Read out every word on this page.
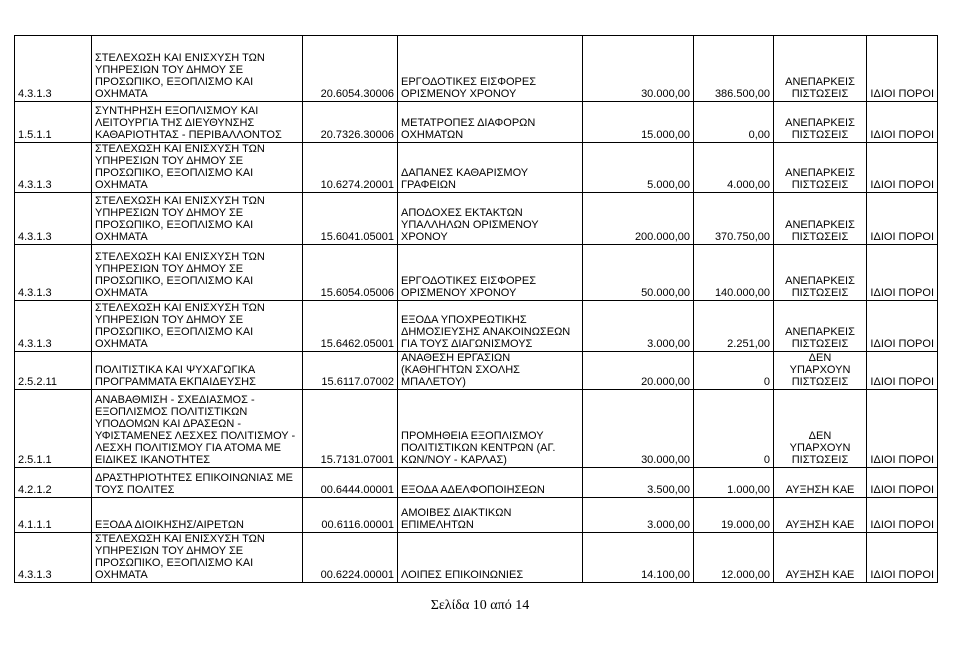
4.3.1.3	ΣΤΕΛΕΧΩΣΗ ΚΑΙ ΕΝΙΣΧΥΣΗ ΤΩΝ ΥΠΗΡΕΣΙΩΝ ΤΟΥ ΔΗΜΟΥ ΣΕ ΠΡΟΣΩΠΙΚΟ, ΕΞΟΠΛΙΣΜΟ ΚΑΙ ΟΧΗΜΑΤΑ	20.6054.30006	ΕΡΓΟΔΟΤΙΚΕΣ ΕΙΣΦΟΡΕΣ ΟΡΙΣΜΕΝΟΥ ΧΡΟΝΟΥ	30.000,00	386.500,00	ΑΝΕΠΑΡΚΕΙΣ ΠΙΣΤΩΣΕΙΣ	ΙΔΙΟΙ ΠΟΡΟΙ
1.5.1.1	ΣΥΝΤΗΡΗΣΗ ΕΞΟΠΛΙΣΜΟΥ ΚΑΙ ΛΕΙΤΟΥΡΓΙΑ ΤΗΣ ΔΙΕΥΘΥΝΣΗΣ ΚΑΘΑΡΙΟΤΗΤΑΣ - ΠΕΡΙΒΑΛΛΟΝΤΟΣ	20.7326.30006	ΜΕΤΑΤΡΟΠΕΣ ΔΙΑΦΟΡΩΝ ΟΧΗΜΑΤΩΝ	15.000,00	0,00	ΑΝΕΠΑΡΚΕΙΣ ΠΙΣΤΩΣΕΙΣ	ΙΔΙΟΙ ΠΟΡΟΙ
4.3.1.3	ΣΤΕΛΕΧΩΣΗ ΚΑΙ ΕΝΙΣΧΥΣΗ ΤΩΝ ΥΠΗΡΕΣΙΩΝ ΤΟΥ ΔΗΜΟΥ ΣΕ ΠΡΟΣΩΠΙΚΟ, ΕΞΟΠΛΙΣΜΟ ΚΑΙ ΟΧΗΜΑΤΑ	10.6274.20001	ΔΑΠΑΝΕΣ ΚΑΘΑΡΙΣΜΟΥ ΓΡΑΦΕΙΩΝ	5.000,00	4.000,00	ΑΝΕΠΑΡΚΕΙΣ ΠΙΣΤΩΣΕΙΣ	ΙΔΙΟΙ ΠΟΡΟΙ
4.3.1.3	ΣΤΕΛΕΧΩΣΗ ΚΑΙ ΕΝΙΣΧΥΣΗ ΤΩΝ ΥΠΗΡΕΣΙΩΝ ΤΟΥ ΔΗΜΟΥ ΣΕ ΠΡΟΣΩΠΙΚΟ, ΕΞΟΠΛΙΣΜΟ ΚΑΙ ΟΧΗΜΑΤΑ	15.6041.05001	ΑΠΟΔΟΧΕΣ ΕΚΤΑΚΤΩΝ ΥΠΑΛΛΗΛΩΝ ΟΡΙΣΜΕΝΟΥ ΧΡΟΝΟΥ	200.000,00	370.750,00	ΑΝΕΠΑΡΚΕΙΣ ΠΙΣΤΩΣΕΙΣ	ΙΔΙΟΙ ΠΟΡΟΙ
4.3.1.3	ΣΤΕΛΕΧΩΣΗ ΚΑΙ ΕΝΙΣΧΥΣΗ ΤΩΝ ΥΠΗΡΕΣΙΩΝ ΤΟΥ ΔΗΜΟΥ ΣΕ ΠΡΟΣΩΠΙΚΟ, ΕΞΟΠΛΙΣΜΟ ΚΑΙ ΟΧΗΜΑΤΑ	15.6054.05006	ΕΡΓΟΔΟΤΙΚΕΣ ΕΙΣΦΟΡΕΣ ΟΡΙΣΜΕΝΟΥ ΧΡΟΝΟΥ	50.000,00	140.000,00	ΑΝΕΠΑΡΚΕΙΣ ΠΙΣΤΩΣΕΙΣ	ΙΔΙΟΙ ΠΟΡΟΙ
4.3.1.3	ΣΤΕΛΕΧΩΣΗ ΚΑΙ ΕΝΙΣΧΥΣΗ ΤΩΝ ΥΠΗΡΕΣΙΩΝ ΤΟΥ ΔΗΜΟΥ ΣΕ ΠΡΟΣΩΠΙΚΟ, ΕΞΟΠΛΙΣΜΟ ΚΑΙ ΟΧΗΜΑΤΑ	15.6462.05001	ΕΞΟΔΑ ΥΠΟΧΡΕΩΤΙΚΗΣ ΔΗΜΟΣΙΕΥΣΗΣ ΑΝΑΚΟΙΝΩΣΕΩΝ ΓΙΑ ΤΟΥΣ ΔΙΑΓΩΝΙΣΜΟΥΣ	3.000,00	2.251,00	ΑΝΕΠΑΡΚΕΙΣ ΠΙΣΤΩΣΕΙΣ	ΙΔΙΟΙ ΠΟΡΟΙ
2.5.2.11	ΠΟΛΙΤΙΣΤΙΚΑ ΚΑΙ ΨΥΧΑΓΩΓΙΚΑ ΠΡΟΓΡΑΜΜΑΤΑ ΕΚΠΑΙΔΕΥΣΗΣ	15.6117.07002	ΑΝΑΘΕΣΗ ΕΡΓΑΣΙΩΝ (ΚΑΘΗΓΗΤΩΝ ΣΧΟΛΗΣ ΜΠΑΛΕΤΟΥ)	20.000,00	0	ΔΕΝ ΥΠΑΡΧΟΥΝ ΠΙΣΤΩΣΕΙΣ	ΙΔΙΟΙ ΠΟΡΟΙ
2.5.1.1	ΑΝΑΒΑΘΜΙΣΗ - ΣΧΕΔΙΑΣΜΟΣ - ΕΞΟΠΛΙΣΜΟΣ ΠΟΛΙΤΙΣΤΙΚΩΝ ΥΠΟΔΟΜΩΝ ΚΑΙ ΔΡΑΣΕΩΝ - ΥΦΙΣΤΑΜΕΝΕΣ ΛΕΣΧΕΣ ΠΟΛΙΤΙΣΜΟΥ - ΛΕΣΧΗ ΠΟΛΙΤΙΣΜΟΥ ΓΙΑ ΑΤΟΜΑ ΜΕ ΕΙΔΙΚΕΣ ΙΚΑΝΟΤΗΤΕΣ	15.7131.07001	ΠΡΟΜΗΘΕΙΑ ΕΞΟΠΛΙΣΜΟΥ ΠΟΛΙΤΙΣΤΙΚΩΝ ΚΕΝΤΡΩΝ (ΑΓ. ΚΩΝ/ΝΟΥ - ΚΑΡΛΑΣ)	30.000,00	0	ΔΕΝ ΥΠΑΡΧΟΥΝ ΠΙΣΤΩΣΕΙΣ	ΙΔΙΟΙ ΠΟΡΟΙ
4.2.1.2	ΔΡΑΣΤΗΡΙΟΤΗΤΕΣ ΕΠΙΚΟΙΝΩΝΙΑΣ ΜΕ ΤΟΥΣ ΠΟΛΙΤΕΣ	00.6444.00001	ΕΞΟΔΑ ΑΔΕΛΦΟΠΟΙΗΣΕΩΝ	3.500,00	1.000,00	ΑΥΞΗΣΗ ΚΑΕ	ΙΔΙΟΙ ΠΟΡΟΙ
4.1.1.1	ΕΞΟΔΑ ΔΙΟΙΚΗΣΗΣ/ΑΙΡΕΤΩΝ	00.6116.00001	ΑΜΟΙΒΕΣ ΔΙΑΚΤΙΚΩΝ ΕΠΙΜΕΛΗΤΩΝ	3.000,00	19.000,00	ΑΥΞΗΣΗ ΚΑΕ	ΙΔΙΟΙ ΠΟΡΟΙ
4.3.1.3	ΣΤΕΛΕΧΩΣΗ ΚΑΙ ΕΝΙΣΧΥΣΗ ΤΩΝ ΥΠΗΡΕΣΙΩΝ ΤΟΥ ΔΗΜΟΥ ΣΕ ΠΡΟΣΩΠΙΚΟ, ΕΞΟΠΛΙΣΜΟ ΚΑΙ ΟΧΗΜΑΤΑ	00.6224.00001	ΛΟΙΠΕΣ ΕΠΙΚΟΙΝΩΝΙΕΣ	14.100,00	12.000,00	ΑΥΞΗΣΗ ΚΑΕ	ΙΔΙΟΙ ΠΟΡΟΙ
Σελίδα 10 από 14
